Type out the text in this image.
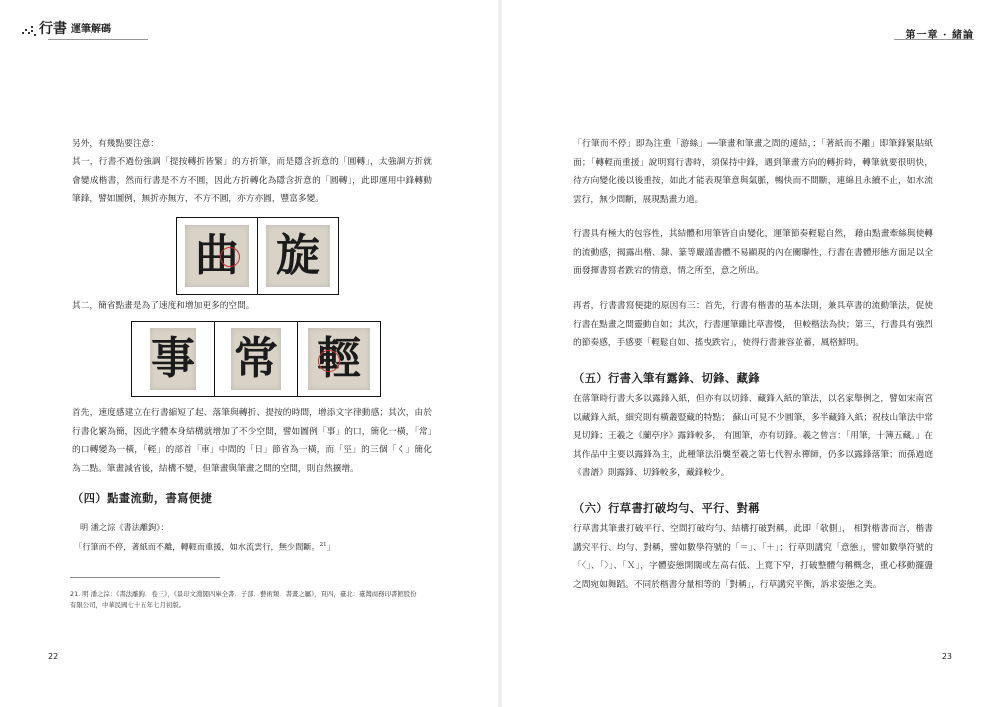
行書 運筆解碼

另外，有幾點要注意：

其一，行書不過份強調「提按轉折皆緊」的方折筆，而是隱含折意的「圓轉」，太強調方折就會變成楷書，然而行書是不方不圓，因此方折轉化為隱含折意的「圓轉」，此即運用中鋒轉動筆鋒，譬如圖例，無折亦無方，不方不圓，亦方亦圓，豐富多變。

曲 旋

其二，簡省點畫是為了速度和增加更多的空間。

事 常 輕

首先，速度感建立在行書縮短了起、落筆與轉折、提按的時間，增添文字律動感；其次，由於行書化繁為簡，因此字體本身結構就增加了不少空間，譬如圖例「事」的口，簡化一橫，「常」的口轉變為一橫，「輕」的部首「車」中間的「日」節省為一橫，而「巠」的三個「く」簡化為二點。筆畫減省後，結構不變，但筆畫與筆畫之間的空間，則自然擴增。

（四）點畫流動，書寫便捷

明 潘之淙《書法離鉤》：

「行筆而不停，著紙而不離，轉輕而重援，如水流雲行，無少間斷。$^{21}$」

21. 明 潘之淙：《書法離鉤．卷三》，《景印文淵閣四庫全書．子部．藝術類．書畫之屬》，頁四，臺北：臺灣商務印書館股份有限公司，中華民國七十五年七月初版。

22
第一章 · 緒論

「行筆而不停」即為注重「游絲」──筆畫和筆畫之間的連結，；「著紙而不離」即筆鋒緊貼紙面；「轉輕而重援」說明寫行書時，須保持中鋒，遇到筆畫方向的轉折時，轉筆就要很明快，待方向變化後以後重按，如此才能表現筆意與氣脈，暢快而不間斷，連綿且永續不止，如水流雲行，無少間斷，展現點畫力道。

行書具有極大的包容性，其結體和用筆皆自由變化，運筆節奏輕鬆自然， 藉由點畫牽絲與使轉的流動感，揭露出楷、隸、篆等嚴謹書體不易顯現的內在關聯性，行書在書體形態方面足以全面發揮書寫者跌宕的情意，情之所至，意之所出。

再者，行書書寫便捷的原因有三：首先，行書有楷書的基本法則，兼具草書的流動筆法，促使行書在點畫之間靈動自如；其次，行書運筆雖比草書慢， 但較楷法為快；第三，行書具有強烈的節奏感，手感要「輕鬆自如、搖曳跌宕」，使得行書兼容並蓄，風格鮮明。

（五）行書入筆有露鋒、切鋒、藏鋒

在落筆時行書大多以露鋒入紙，但亦有以切鋒、藏鋒入紙的筆法，以名家舉例之，譬如宋南宮以藏鋒入紙，細究則有橫叢豎藏的特點； 蘇山可見不少圓筆，多半藏鋒入紙；祝枝山筆法中常見切鋒；王羲之《蘭亭序》露鋒較多， 有圓筆，亦有切鋒。羲之曾言：「用筆，十簿五藏。」在其作品中主要以露鋒為主，此種筆法沿襲至羲之第七代智永禪師，仍多以露鋒落筆；而孫過庭《書譜》則露鋒、切鋒較多，藏鋒較少。

（六）行草書打破均勻、平行、對稱

行草書其筆畫打破平行、空間打破均勻、結構打破對稱，此即「欹側」， 相對楷書而言，楷書講究平行、均勻、對稱，譬如數學符號的「＝」、「＋」；行草則講究「意態」，譬如數學符號的「〈」、「〉」、「Ｘ」，字體姿態開闊或左高右低、上寬下窄，打破整體勻稱概念，重心移動擺盪之間宛如舞蹈。不同於楷書分量相等的「對稱」，行草講究平衡，訴求姿態之美。

23
